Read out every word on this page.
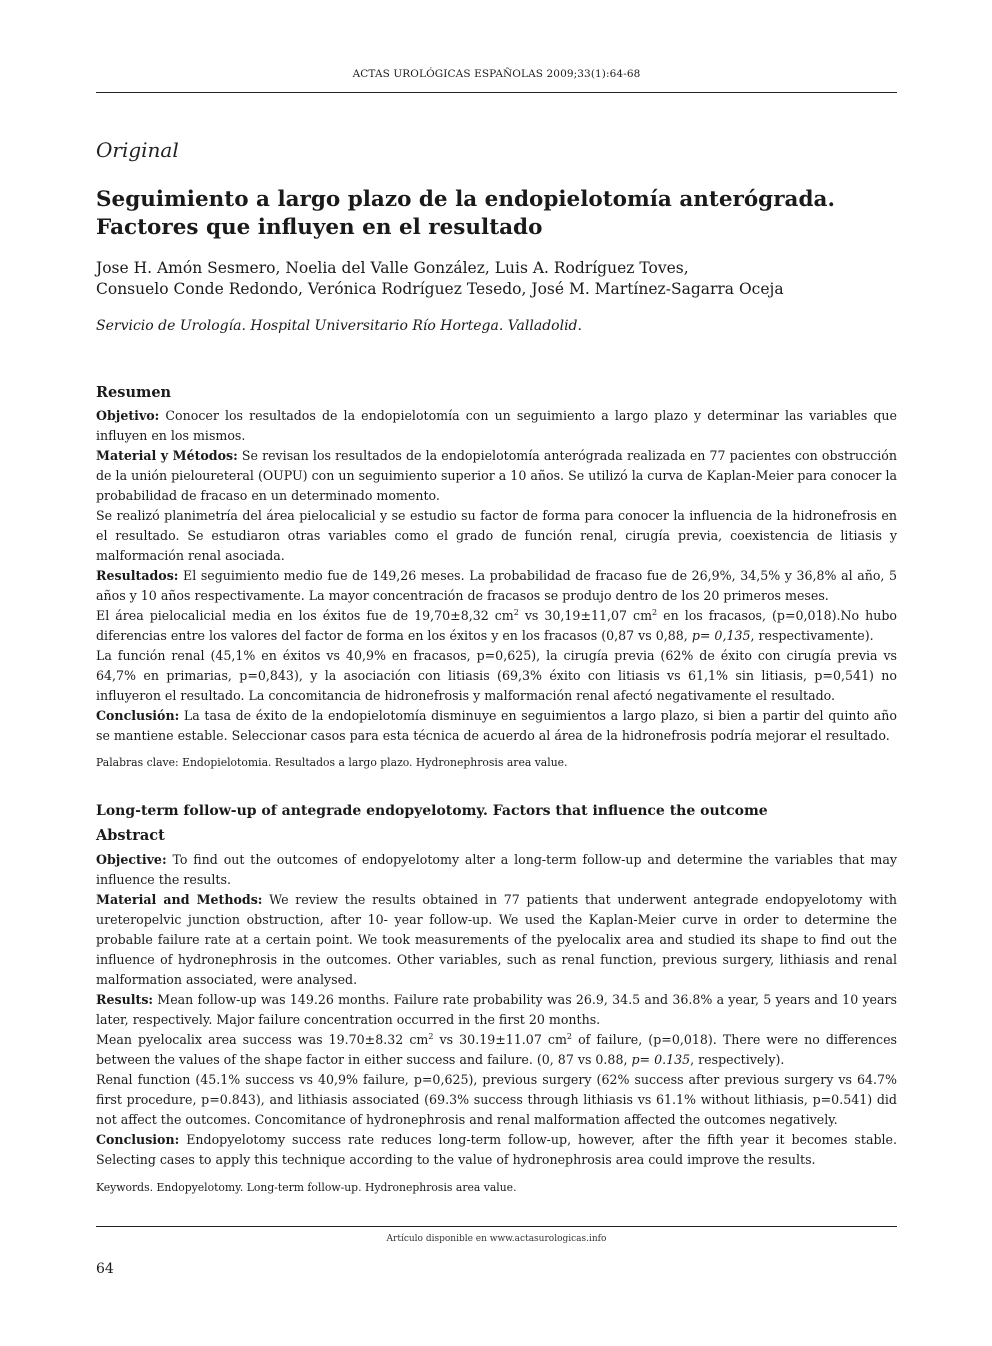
ACTAS UROLÓGICAS ESPAÑOLAS 2009;33(1):64-68
Original
Seguimiento a largo plazo de la endopielotomía anterógrada.
Factores que influyen en el resultado
Jose H. Amón Sesmero, Noelia del Valle González, Luis A. Rodríguez Toves,
Consuelo Conde Redondo, Verónica Rodríguez Tesedo, José M. Martínez-Sagarra Oceja
Servicio de Urología. Hospital Universitario Río Hortega. Valladolid.
Resumen

Objetivo: Conocer los resultados de la endopielotomía con un seguimiento a largo plazo y determinar las variables que influyen en los mismos.

Material y Métodos: Se revisan los resultados de la endopielotomía anterógrada realizada en 77 pacientes con obstrucción de la unión pieloureteral (OUPU) con un seguimiento superior a 10 años. Se utilizó la curva de Kaplan-Meier para conocer la probabilidad de fracaso en un determinado momento.

Se realizó planimetría del área pielocalicial y se estudio su factor de forma para conocer la influencia de la hidronefrosis en el resultado. Se estudiaron otras variables como el grado de función renal, cirugía previa, coexistencia de litiasis y malformación renal asociada.

Resultados: El seguimiento medio fue de 149,26 meses. La probabilidad de fracaso fue de 26,9%, 34,5% y 36,8% al año, 5 años y 10 años respectivamente. La mayor concentración de fracasos se produjo dentro de los 20 primeros meses.

El área pielocalicial media en los éxitos fue de 19,70±8,32 $cm^2$ vs 30,19±11,07 $cm^2$ en los fracasos, (p=0,018).No hubo diferencias entre los valores del factor de forma en los éxitos y en los fracasos (0,87 vs 0,88, p= 0,135, respectivamente).

La función renal (45,1% en éxitos vs 40,9% en fracasos, p=0,625), la cirugía previa (62% de éxito con cirugía previa vs 64,7% en primarias, p=0,843), y la asociación con litiasis (69,3% éxito con litiasis vs 61,1% sin litiasis, p=0,541) no influyeron el resultado. La concomitancia de hidronefrosis y malformación renal afectó negativamente el resultado.

Conclusión: La tasa de éxito de la endopielotomía disminuye en seguimientos a largo plazo, si bien a partir del quinto año se mantiene estable. Seleccionar casos para esta técnica de acuerdo al área de la hidronefrosis podría mejorar el resultado.

Palabras clave: Endopielotomia. Resultados a largo plazo. Hydronephrosis area value.
Long-term follow-up of antegrade endopyelotomy. Factors that influence the outcome
Abstract

Objective: To find out the outcomes of endopyelotomy alter a long-term follow-up and determine the variables that may influence the results.

Material and Methods: We review the results obtained in 77 patients that underwent antegrade endopyelotomy with ureteropelvic junction obstruction, after 10- year follow-up. We used the Kaplan-Meier curve in order to determine the probable failure rate at a certain point. We took measurements of the pyelocalix area and studied its shape to find out the influence of hydronephrosis in the outcomes. Other variables, such as renal function, previous surgery, lithiasis and renal malformation associated, were analysed.

Results: Mean follow-up was 149.26 months. Failure rate probability was 26.9, 34.5 and 36.8% a year, 5 years and 10 years later, respectively. Major failure concentration occurred in the first 20 months.

Mean pyelocalix area success was 19.70±8.32 $cm^2$ vs 30.19±11.07 $cm^2$ of failure, (p=0,018). There were no differences between the values of the shape factor in either success and failure. (0, 87 vs 0.88, p= 0.135, respectively).

Renal function (45.1% success vs 40,9% failure, p=0,625), previous surgery (62% success after previous surgery vs 64.7% first procedure, p=0.843), and lithiasis associated (69.3% success through lithiasis vs 61.1% without lithiasis, p=0.541) did not affect the outcomes. Concomitance of hydronephrosis and renal malformation affected the outcomes negatively.

Conclusion: Endopyelotomy success rate reduces long-term follow-up, however, after the fifth year it becomes stable. Selecting cases to apply this technique according to the value of hydronephrosis area could improve the results.

Keywords. Endopyelotomy. Long-term follow-up. Hydronephrosis area value.
Artículo disponible en www.actasurologicas.info
64
